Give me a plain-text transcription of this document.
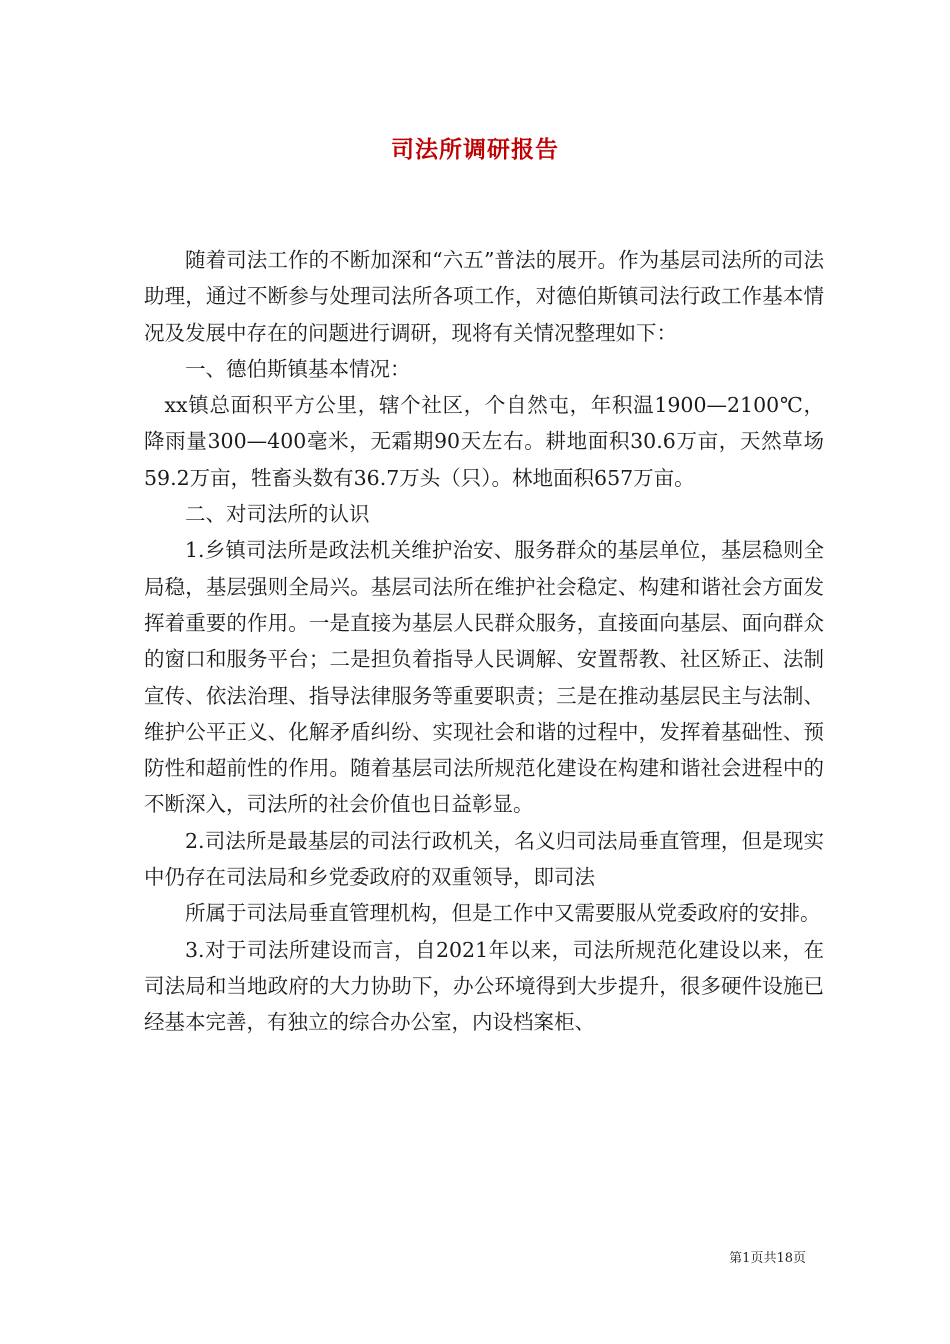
司法所调研报告

随着司法工作的不断加深和“六五”普法的展开。作为基层司法所的司法助理，通过不断参与处理司法所各项工作，对德伯斯镇司法行政工作基本情况及发展中存在的问题进行调研，现将有关情况整理如下：

一、德伯斯镇基本情况：

xx镇总面积平方公里，辖个社区，个自然屯，年积温1900—2100℃，降雨量300—400毫米，无霜期90天左右。耕地面积30.6万亩，天然草场59.2万亩，牲畜头数有36.7万头（只）。林地面积657万亩。

二、对司法所的认识

1.乡镇司法所是政法机关维护治安、服务群众的基层单位，基层稳则全局稳，基层强则全局兴。基层司法所在维护社会稳定、构建和谐社会方面发挥着重要的作用。一是直接为基层人民群众服务，直接面向基层、面向群众的窗口和服务平台；二是担负着指导人民调解、安置帮教、社区矫正、法制宣传、依法治理、指导法律服务等重要职责；三是在推动基层民主与法制、维护公平正义、化解矛盾纠纷、实现社会和谐的过程中，发挥着基础性、预防性和超前性的作用。随着基层司法所规范化建设在构建和谐社会进程中的不断深入，司法所的社会价值也日益彰显。

2.司法所是最基层的司法行政机关，名义归司法局垂直管理，但是现实中仍存在司法局和乡党委政府的双重领导，即司法

所属于司法局垂直管理机构，但是工作中又需要服从党委政府的安排。

3.对于司法所建设而言，自2021年以来，司法所规范化建设以来，在司法局和当地政府的大力协助下，办公环境得到大步提升，很多硬件设施已经基本完善，有独立的综合办公室，内设档案柜、

第1页共18页
